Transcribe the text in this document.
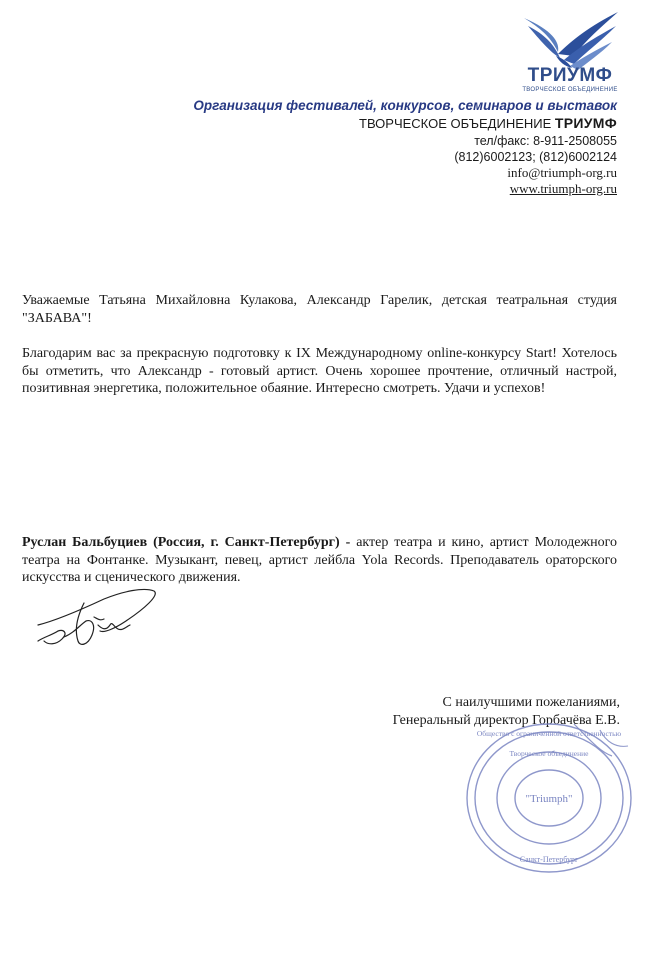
ТРИУМФ
ТВОРЧЕСКОЕ ОБЪЕДИНЕНИЕ
Организация фестивалей, конкурсов, семинаров и выставок
ТВОРЧЕСКОЕ ОБЪЕДИНЕНИЕ ТРИУМФ
тел/факс: 8-911-2508055
(812)6002123; (812)6002124
info@triumph-org.ru
www.triumph-org.ru
Уважаемые Татьяна Михайловна Кулакова, Александр Гарелик, детская театральная студия "ЗАБАВА"!
Благодарим вас за прекрасную подготовку к IX Международному online-конкурсу Start! Хотелось бы отметить, что Александр - готовый артист. Очень хорошее прочтение, отличный настрой, позитивная энергетика, положительное обаяние. Интересно смотреть. Удачи и успехов!
Руслан Бальбуциев (Россия, г. Санкт-Петербург) - актер театра и кино, артист Молодежного театра на Фонтанке. Музыкант, певец, артист лейбла Yola Records. Преподаватель ораторского искусства и сценического движения.
С наилучшими пожеланиями,
Генеральный директор Горбачёва Е.В.
"Triumph"
Общество с ограниченной ответственностью
Творческое объединение
Санкт-Петербург
